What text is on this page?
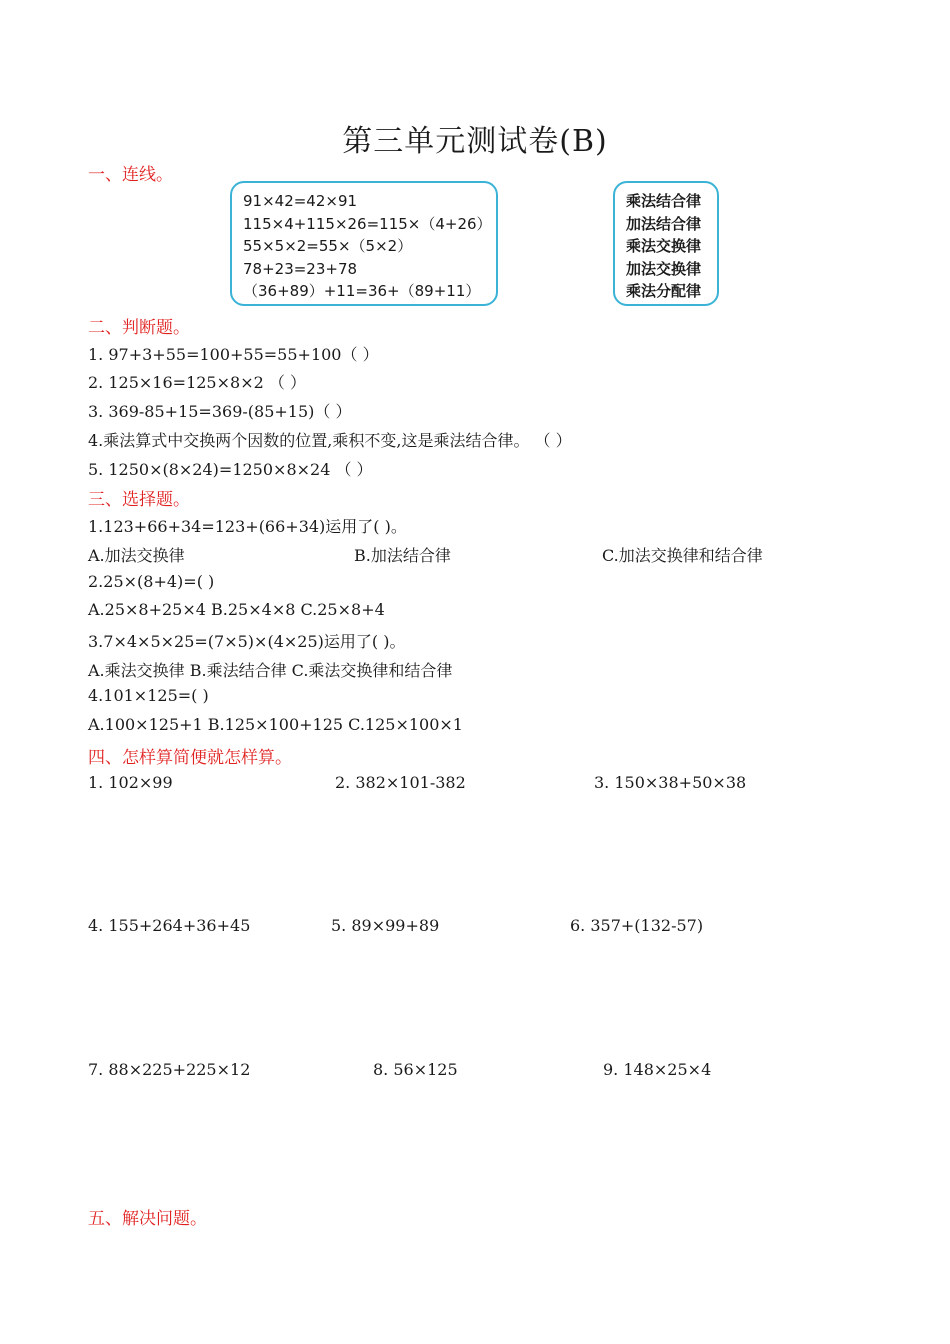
第三单元测试卷(B)
一、连线。
91×42=42×91
115×4+115×26=115×（4+26）
55×5×2=55×（5×2）
78+23=23+78
（36+89）+11=36+（89+11）
乘法结合律
加法结合律
乘法交换律
加法交换律
乘法分配律
二、判断题。
1. 97+3+55=100+55=55+100（ ）
2. 125×16=125×8×2 （ ）
3. 369-85+15=369-(85+15)（ ）
4.乘法算式中交换两个因数的位置,乘积不变,这是乘法结合律。 （ ）
5. 1250×(8×24)=1250×8×24 （ ）
三、选择题。
1.123+66+34=123+(66+34)运用了( )。
A.加法交换律	B.加法结合律	C.加法交换律和结合律
2.25×(8+4)=( )
A.25×8+25×4 B.25×4×8 C.25×8+4
3.7×4×5×25=(7×5)×(4×25)运用了( )。
A.乘法交换律 B.乘法结合律 C.乘法交换律和结合律
4.101×125=( )
A.100×125+1 B.125×100+125 C.125×100×1
四、怎样算简便就怎样算。
1. 102×99	2. 382×101-382	3. 150×38+50×38
4. 155+264+36+45	5. 89×99+89	6. 357+(132-57)
7. 88×225+225×12	8. 56×125	9. 148×25×4
五、解决问题。
